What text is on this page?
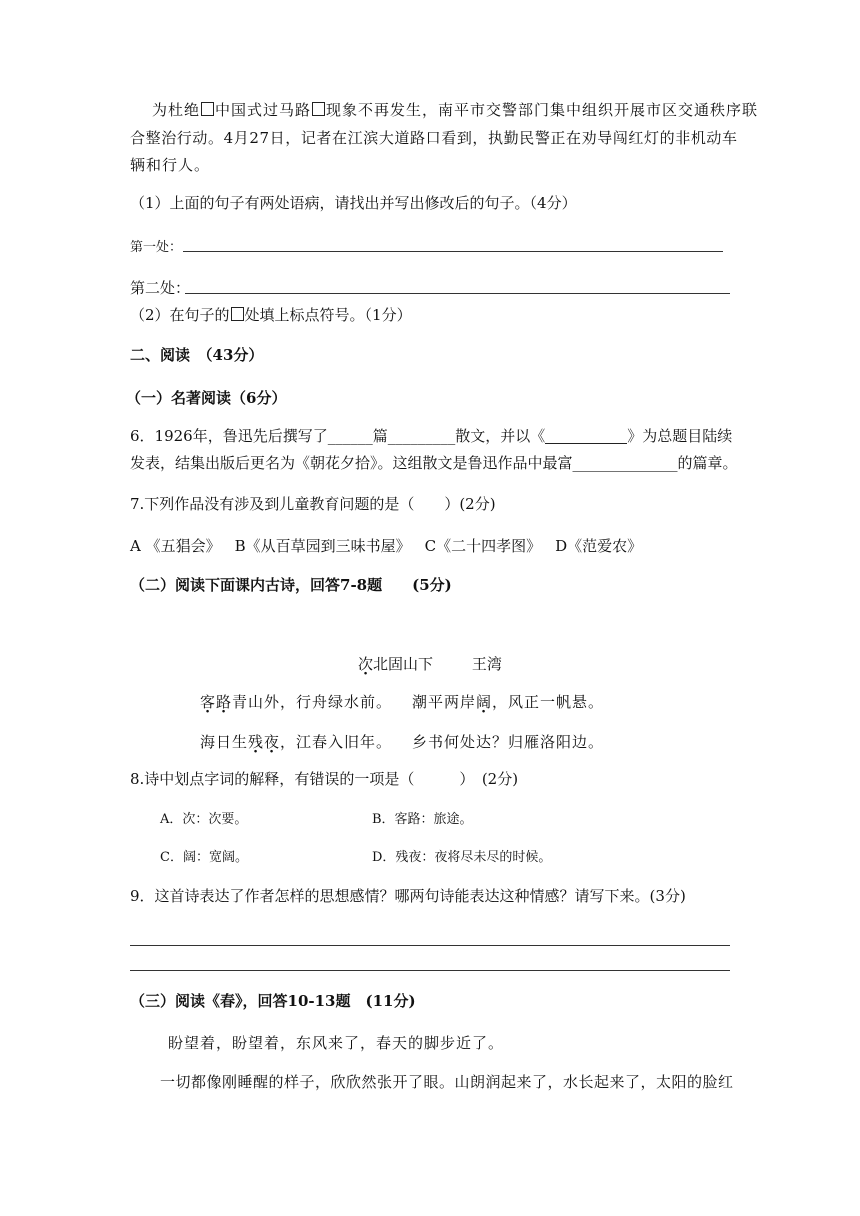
为杜绝 中国式过马路 现象不再发生，南平市交警部门集中组织开展市区交通秩序联
合整治行动。4月27日，记者在江滨大道路口看到，执勤民警正在劝导闯红灯的非机动车
辆和行人。
（1）上面的句子有两处语病，请找出并写出修改后的句子。（4分）
第一处：
第二处：
（2）在句子的 处填上标点符号。（1分）
二、阅读　（43分）
（一）名著阅读（6分）
6．1926年，鲁迅先后撰写了______篇_________散文，并以《	》为总题目陆续
发表，结集出版后更名为《朝花夕拾》。这组散文是鲁迅作品中最富______________的篇章。
7.下列作品没有涉及到儿童教育问题的是（　　）(2分)
A 《五猖会》 B《从百草园到三味书屋》 C《二十四孝图》 D《范爱农》
（二）阅读下面课内古诗，回答7-8题　　(5分)
次北固山下	王湾
客路青山外，行舟绿水前。 潮平两岸阔，风正一帆悬。
海日生残夜，江春入旧年。 乡书何处达？归雁洛阳边。
8.诗中划点字词的解释，有错误的一项是（　　　）　(2分)
A．次：次要。	B．客路：旅途。
C．阔：宽阔。	D．残夜：夜将尽未尽的时候。
9．这首诗表达了作者怎样的思想感情？哪两句诗能表达这种情感？请写下来。(3分)
（三）阅读《春》，回答10-13题　(11分)
盼望着，盼望着，东风来了，春天的脚步近了。
一切都像刚睡醒的样子，欣欣然张开了眼。山朗润起来了，水长起来了，太阳的脸红
